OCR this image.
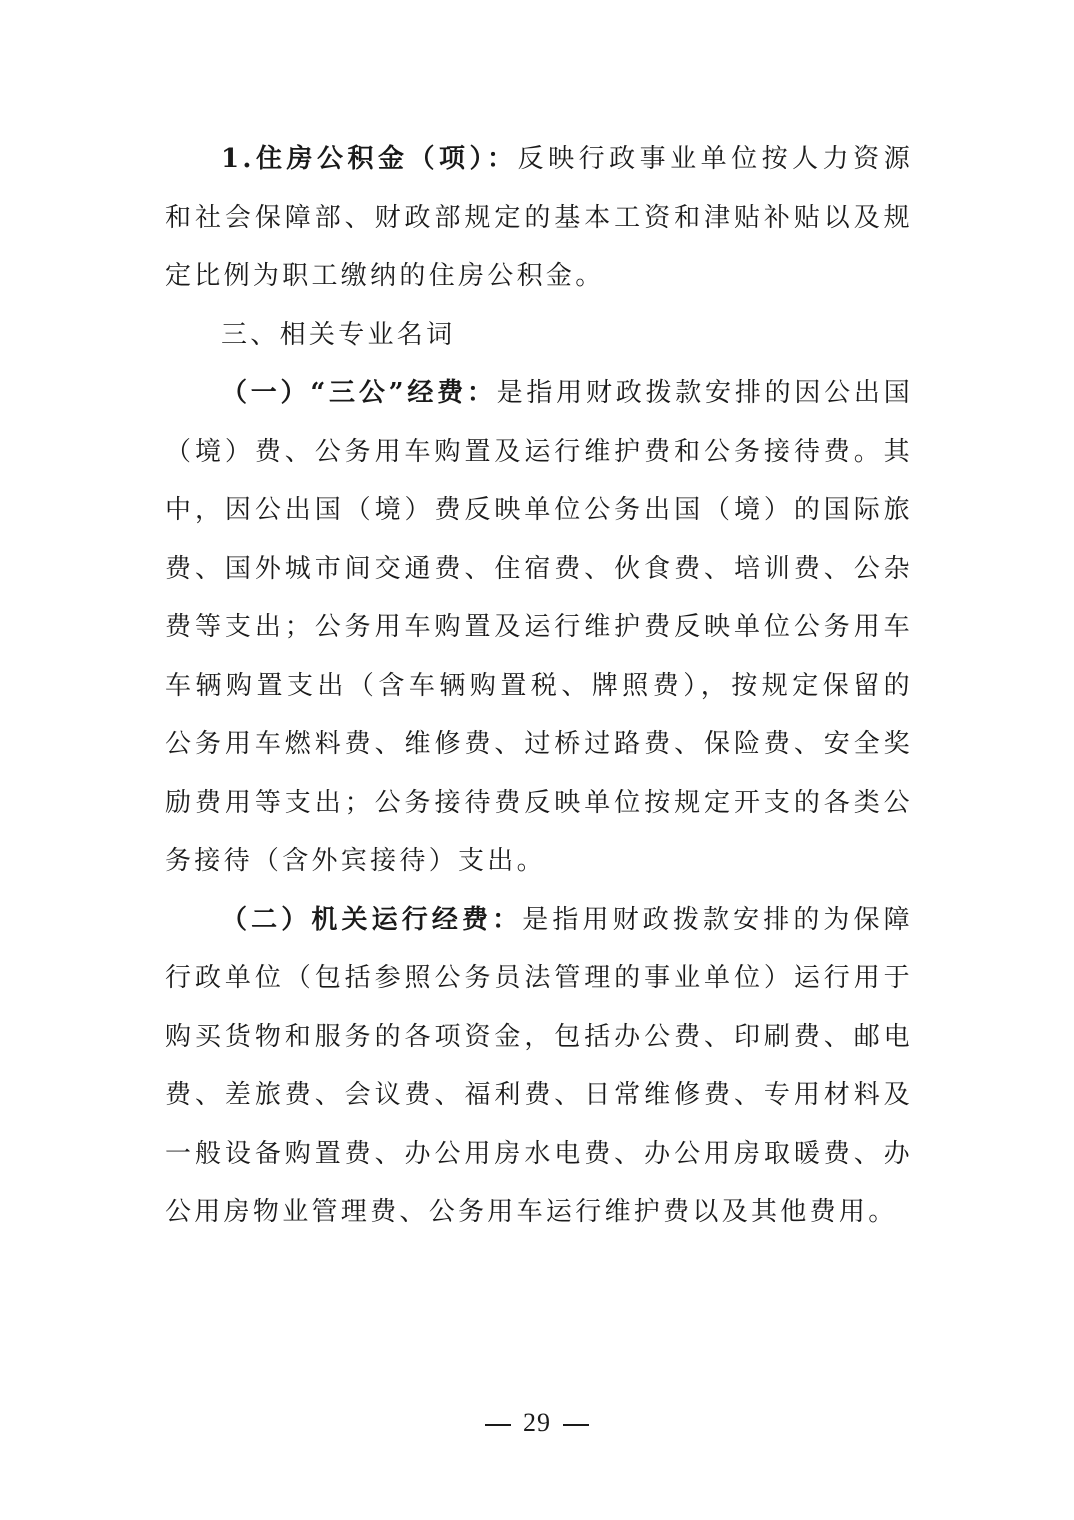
1.住房公积金（项）：反映行政事业单位按人力资源和社会保障部、财政部规定的基本工资和津贴补贴以及规定比例为职工缴纳的住房公积金。

三、相关专业名词

（一）“三公”经费：是指用财政拨款安排的因公出国（境）费、公务用车购置及运行维护费和公务接待费。其中，因公出国（境）费反映单位公务出国（境）的国际旅费、国外城市间交通费、住宿费、伙食费、培训费、公杂费等支出；公务用车购置及运行维护费反映单位公务用车车辆购置支出（含车辆购置税、牌照费），按规定保留的公务用车燃料费、维修费、过桥过路费、保险费、安全奖励费用等支出；公务接待费反映单位按规定开支的各类公务接待（含外宾接待）支出。

（二）机关运行经费：是指用财政拨款安排的为保障行政单位（包括参照公务员法管理的事业单位）运行用于购买货物和服务的各项资金，包括办公费、印刷费、邮电费、差旅费、会议费、福利费、日常维修费、专用材料及一般设备购置费、办公用房水电费、办公用房取暖费、办公用房物业管理费、公务用车运行维护费以及其他费用。

29
